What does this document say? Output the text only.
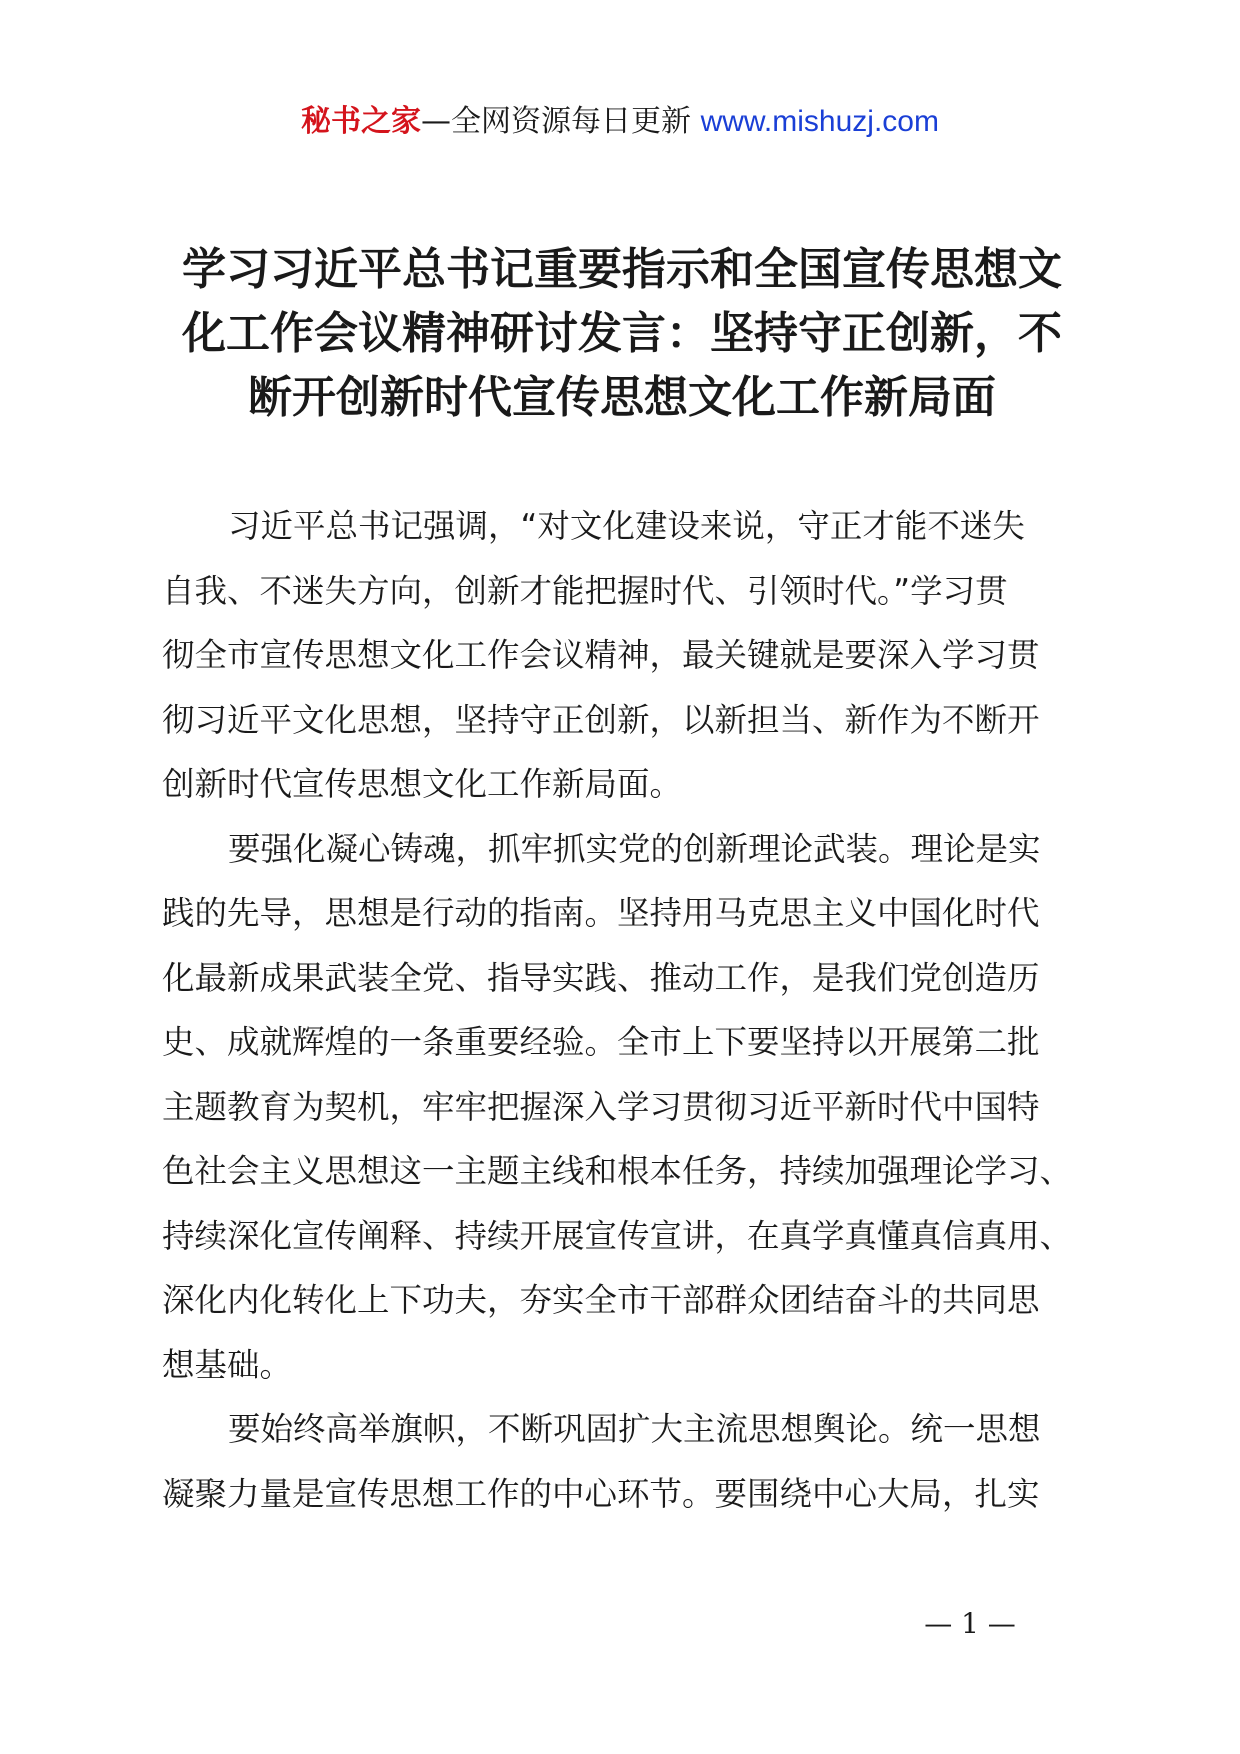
秘书之家—全网资源每日更新 www.mishuzj.com
学习习近平总书记重要指示和全国宣传思想文
化工作会议精神研讨发言：坚持守正创新，不
断开创新时代宣传思想文化工作新局面
习近平总书记强调，“对文化建设来说，守正才能不迷失
自我、不迷失方向，创新才能把握时代、引领时代。”学习贯
彻全市宣传思想文化工作会议精神，最关键就是要深入学习贯
彻习近平文化思想，坚持守正创新，以新担当、新作为不断开
创新时代宣传思想文化工作新局面。
要强化凝心铸魂，抓牢抓实党的创新理论武装。理论是实
践的先导，思想是行动的指南。坚持用马克思主义中国化时代
化最新成果武装全党、指导实践、推动工作，是我们党创造历
史、成就辉煌的一条重要经验。全市上下要坚持以开展第二批
主题教育为契机，牢牢把握深入学习贯彻习近平新时代中国特
色社会主义思想这一主题主线和根本任务，持续加强理论学习、
持续深化宣传阐释、持续开展宣传宣讲，在真学真懂真信真用、
深化内化转化上下功夫，夯实全市干部群众团结奋斗的共同思
想基础。
要始终高举旗帜，不断巩固扩大主流思想舆论。统一思想
凝聚力量是宣传思想工作的中心环节。要围绕中心大局，扎实
— 1 —
